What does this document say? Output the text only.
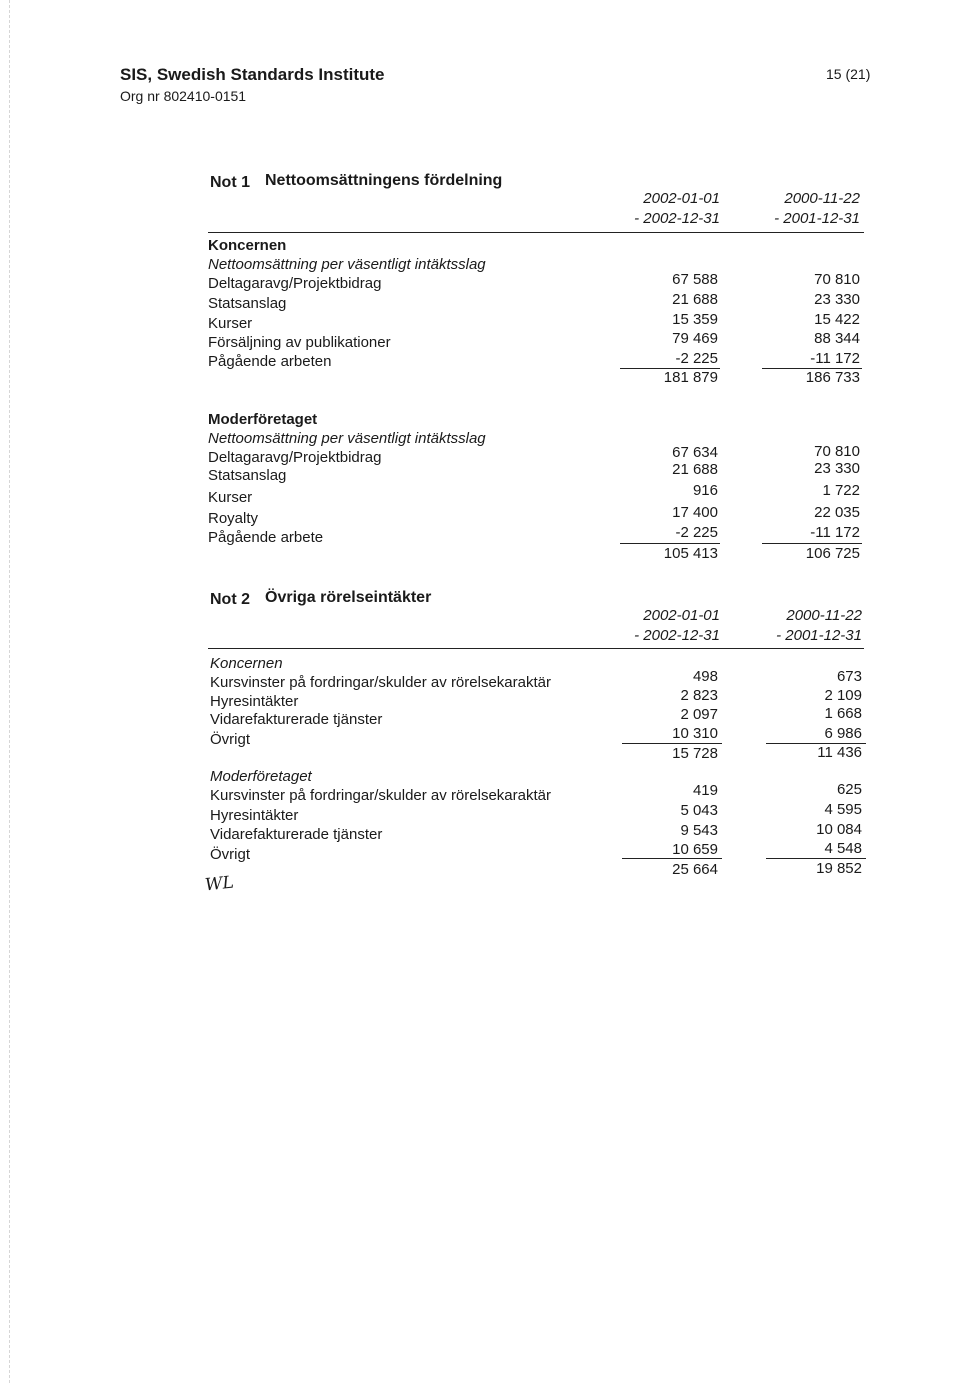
SIS, Swedish Standards Institute
Org nr 802410-0151
15 (21)
Not 1 Nettoomsättningens fördelning
2002-01-01
- 2002-12-31
2000-11-22
- 2001-12-31
Koncernen
Nettoomsättning per väsentligt intäktsslag
Deltagaravg/Projektbidrag	67 588	70 810
Statsanslag	21 688	23 330
Kurser	15 359	15 422
Försäljning av publikationer	79 469	88 344
Pågående arbeten	-2 225	-11 172
181 879	186 733
Moderföretaget
Nettoomsättning per väsentligt intäktsslag
Deltagaravg/Projektbidrag	67 634	70 810
Statsanslag	21 688	23 330
Kurser	916	1 722
Royalty	17 400	22 035
Pågående arbete	-2 225	-11 172
105 413	106 725
Not 2 Övriga rörelseintäkter
2002-01-01
- 2002-12-31
2000-11-22
- 2001-12-31
Koncernen
Kursvinster på fordringar/skulder av rörelsekaraktär	498	673
Hyresintäkter	2 823	2 109
Vidarefakturerade tjänster	2 097	1 668
Övrigt	10 310	6 986
15 728	11 436
Moderföretaget
Kursvinster på fordringar/skulder av rörelsekaraktär	419	625
Hyresintäkter	5 043	4 595
Vidarefakturerade tjänster	9 543	10 084
Övrigt	10 659	4 548
25 664	19 852
WL
